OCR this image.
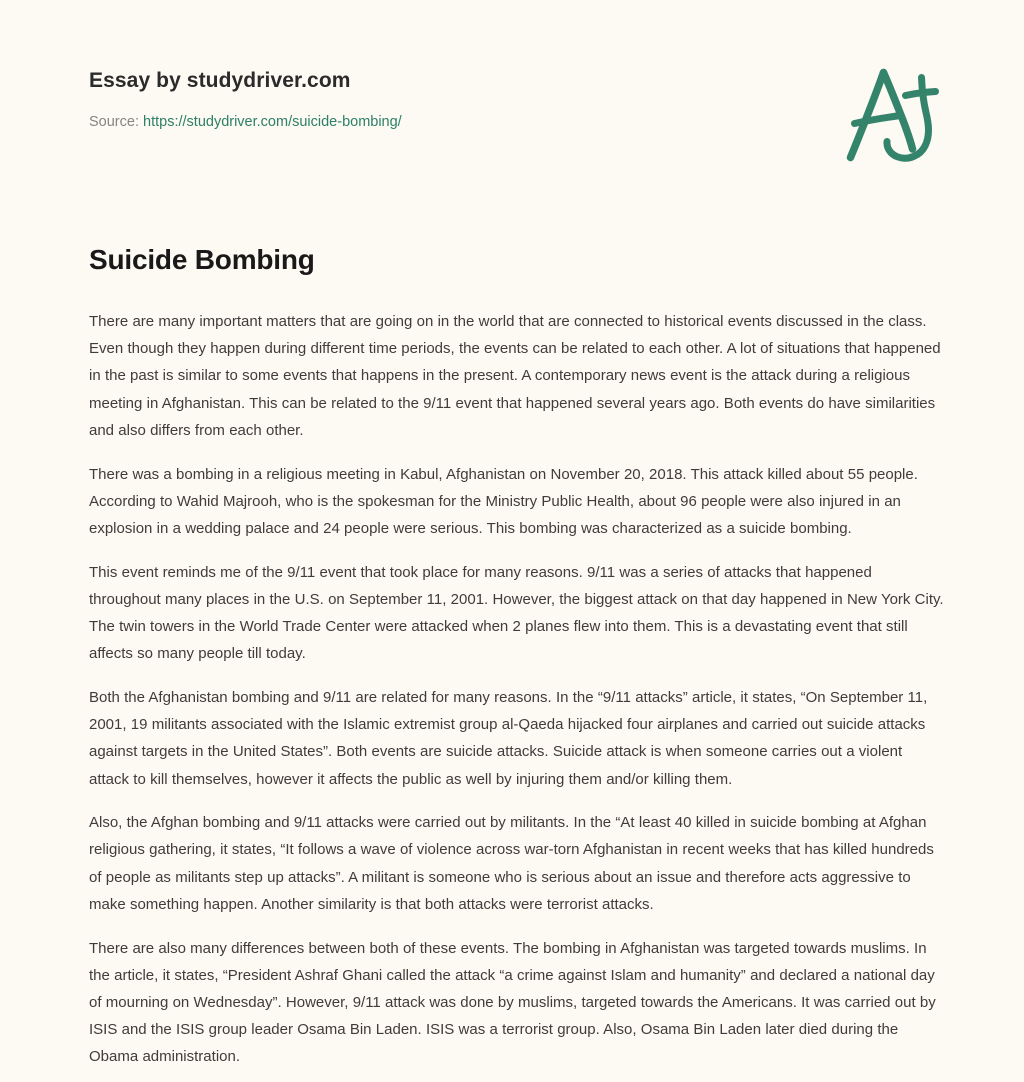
Essay by studydriver.com
Source: https://studydriver.com/suicide-bombing/
Suicide Bombing

There are many important matters that are going on in the world that are connected to historical events discussed in the class. Even though they happen during different time periods, the events can be related to each other. A lot of situations that happened in the past is similar to some events that happens in the present. A contemporary news event is the attack during a religious meeting in Afghanistan. This can be related to the 9/11 event that happened several years ago. Both events do have similarities and also differs from each other.

There was a bombing in a religious meeting in Kabul, Afghanistan on November 20, 2018. This attack killed about 55 people. According to Wahid Majrooh, who is the spokesman for the Ministry Public Health, about 96 people were also injured in an explosion in a wedding palace and 24 people were serious. This bombing was characterized as a suicide bombing.

This event reminds me of the 9/11 event that took place for many reasons. 9/11 was a series of attacks that happened throughout many places in the U.S. on September 11, 2001. However, the biggest attack on that day happened in New York City. The twin towers in the World Trade Center were attacked when 2 planes flew into them. This is a devastating event that still affects so many people till today.

Both the Afghanistan bombing and 9/11 are related for many reasons. In the “9/11 attacks” article, it states, “On September 11, 2001, 19 militants associated with the Islamic extremist group al-Qaeda hijacked four airplanes and carried out suicide attacks against targets in the United States”. Both events are suicide attacks. Suicide attack is when someone carries out a violent attack to kill themselves, however it affects the public as well by injuring them and/or killing them.

Also, the Afghan bombing and 9/11 attacks were carried out by militants. In the “At least 40 killed in suicide bombing at Afghan religious gathering, it states, “It follows a wave of violence across war-torn Afghanistan in recent weeks that has killed hundreds of people as militants step up attacks”. A militant is someone who is serious about an issue and therefore acts aggressive to make something happen. Another similarity is that both attacks were terrorist attacks.

There are also many differences between both of these events. The bombing in Afghanistan was targeted towards muslims. In the article, it states, “President Ashraf Ghani called the attack “a crime against Islam and humanity” and declared a national day of mourning on Wednesday”. However, 9/11 attack was done by muslims, targeted towards the Americans. It was carried out by ISIS and the ISIS group leader Osama Bin Laden. ISIS was a terrorist group. Also, Osama Bin Laden later died during the Obama administration.
